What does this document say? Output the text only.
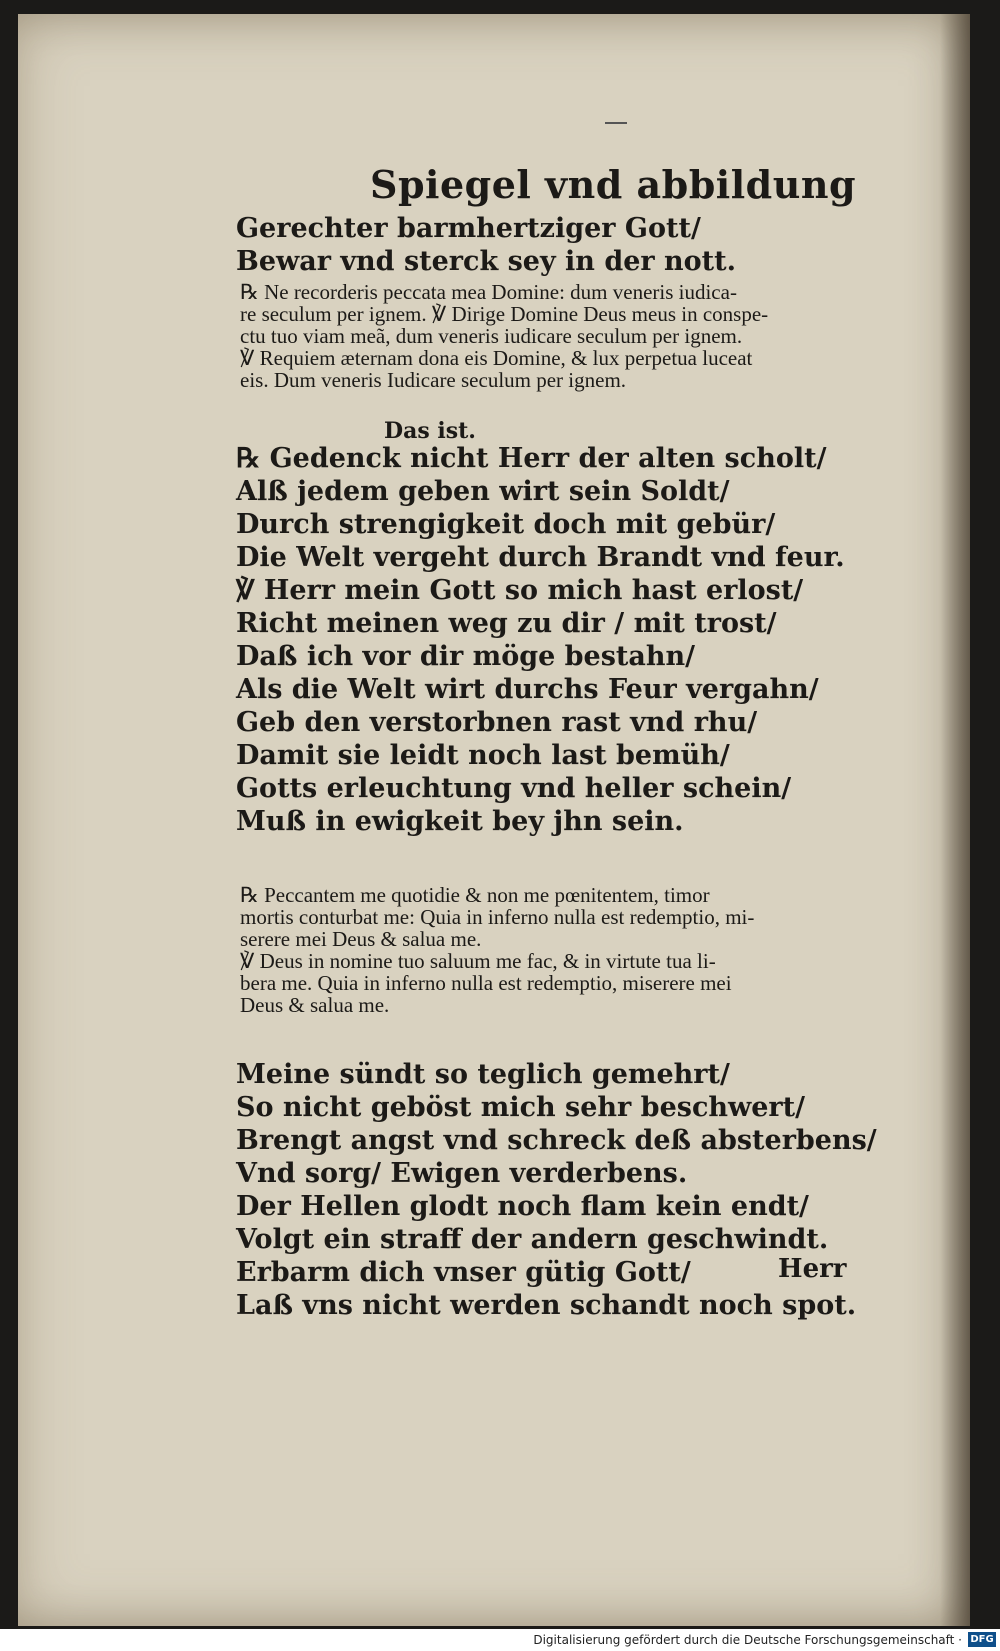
Spiegel vnd abbildung

Gerechter barmhertziger Gott/

Bewar vnd sterck sey in der nott.

℞ Ne recorderis peccata mea Domine: dum veneris iudica-

re seculum per ignem. ℣ Dirige Domine Deus meus in conspe-

ctu tuo viam meã, dum veneris iudicare seculum per ignem.

℣ Requiem æternam dona eis Domine, & lux perpetua luceat

eis. Dum veneris Iudicare seculum per ignem.

Das ist.

℞ Gedenck nicht Herr der alten scholt/

Alß jedem geben wirt sein Soldt/

Durch strengigkeit doch mit gebür/

Die Welt vergeht durch Brandt vnd feur.

℣ Herr mein Gott so mich hast erlost/

Richt meinen weg zu dir / mit trost/

Daß ich vor dir möge bestahn/

Als die Welt wirt durchs Feur vergahn/

Geb den verstorbnen rast vnd rhu/

Damit sie leidt noch last bemüh/

Gotts erleuchtung vnd heller schein/

Muß in ewigkeit bey jhn sein.

℞ Peccantem me quotidie & non me pœnitentem, timor

mortis conturbat me: Quia in inferno nulla est redemptio, mi-

serere mei Deus & salua me.

℣ Deus in nomine tuo saluum me fac, & in virtute tua li-

bera me. Quia in inferno nulla est redemptio, miserere mei

Deus & salua me.

Meine sündt so teglich gemehrt/

So nicht geböst mich sehr beschwert/

Brengt angst vnd schreck deß absterbens/

Vnd sorg/ Ewigen verderbens.

Der Hellen glodt noch flam kein endt/

Volgt ein straff der andern geschwindt.

Erbarm dich vnser gütig Gott/

Laß vns nicht werden schandt noch spot.

Herr
Digitalisierung gefördert durch die Deutsche Forschungsgemeinschaft · DFG
